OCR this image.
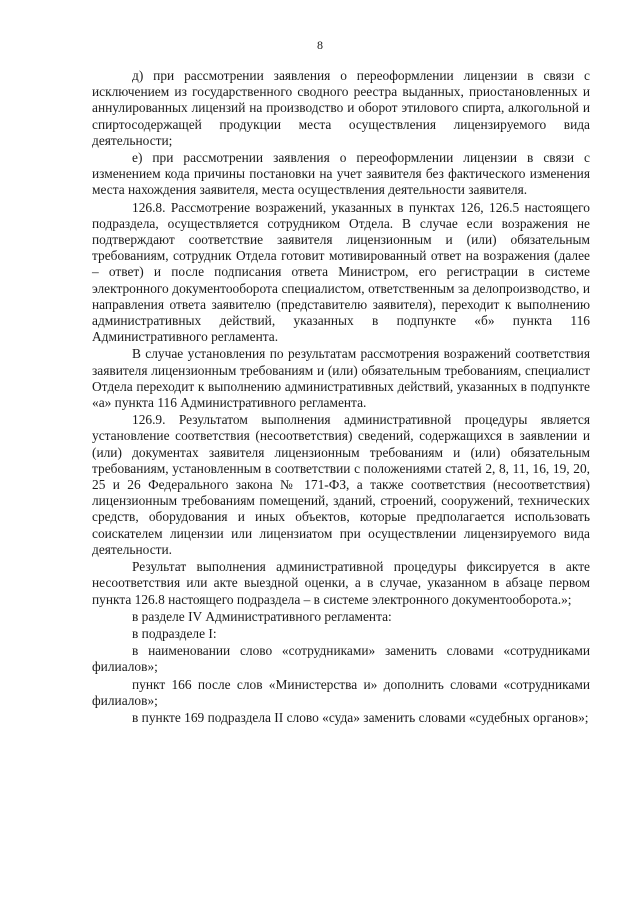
8

д) при рассмотрении заявления о переоформлении лицензии в связи с исключением из государственного сводного реестра выданных, приостановленных и аннулированных лицензий на производство и оборот этилового спирта, алкогольной и спиртосодержащей продукции места осуществления лицензируемого вида деятельности;

е) при рассмотрении заявления о переоформлении лицензии в связи с изменением кода причины постановки на учет заявителя без фактического изменения места нахождения заявителя, места осуществления деятельности заявителя.

126.8. Рассмотрение возражений, указанных в пунктах 126, 126.5 настоящего подраздела, осуществляется сотрудником Отдела. В случае если возражения не подтверждают соответствие заявителя лицензионным и (или) обязательным требованиям, сотрудник Отдела готовит мотивированный ответ на возражения (далее – ответ) и после подписания ответа Министром, его регистрации в системе электронного документооборота специалистом, ответственным за делопроизводство, и направления ответа заявителю (представителю заявителя), переходит к выполнению административных действий, указанных в подпункте «б» пункта 116 Административного регламента.

В случае установления по результатам рассмотрения возражений соответствия заявителя лицензионным требованиям и (или) обязательным требованиям, специалист Отдела переходит к выполнению административных действий, указанных в подпункте «а» пункта 116 Административного регламента.

126.9. Результатом выполнения административной процедуры является установление соответствия (несоответствия) сведений, содержащихся в заявлении и (или) документах заявителя лицензионным требованиям и (или) обязательным требованиям, установленным в соответствии с положениями статей 2, 8, 11, 16, 19, 20, 25 и 26 Федерального закона № 171-ФЗ, а также соответствия (несоответствия) лицензионным требованиям помещений, зданий, строений, сооружений, технических средств, оборудования и иных объектов, которые предполагается использовать соискателем лицензии или лицензиатом при осуществлении лицензируемого вида деятельности.

Результат выполнения административной процедуры фиксируется в акте несоответствия или акте выездной оценки, а в случае, указанном в абзаце первом пункта 126.8 настоящего подраздела – в системе электронного документооборота.»;

в разделе IV Административного регламента:

в подразделе I:

в наименовании слово «сотрудниками» заменить словами «сотрудниками филиалов»;

пункт 166 после слов «Министерства и» дополнить словами «сотрудниками филиалов»;

в пункте 169 подраздела II слово «суда» заменить словами «судебных органов»;
